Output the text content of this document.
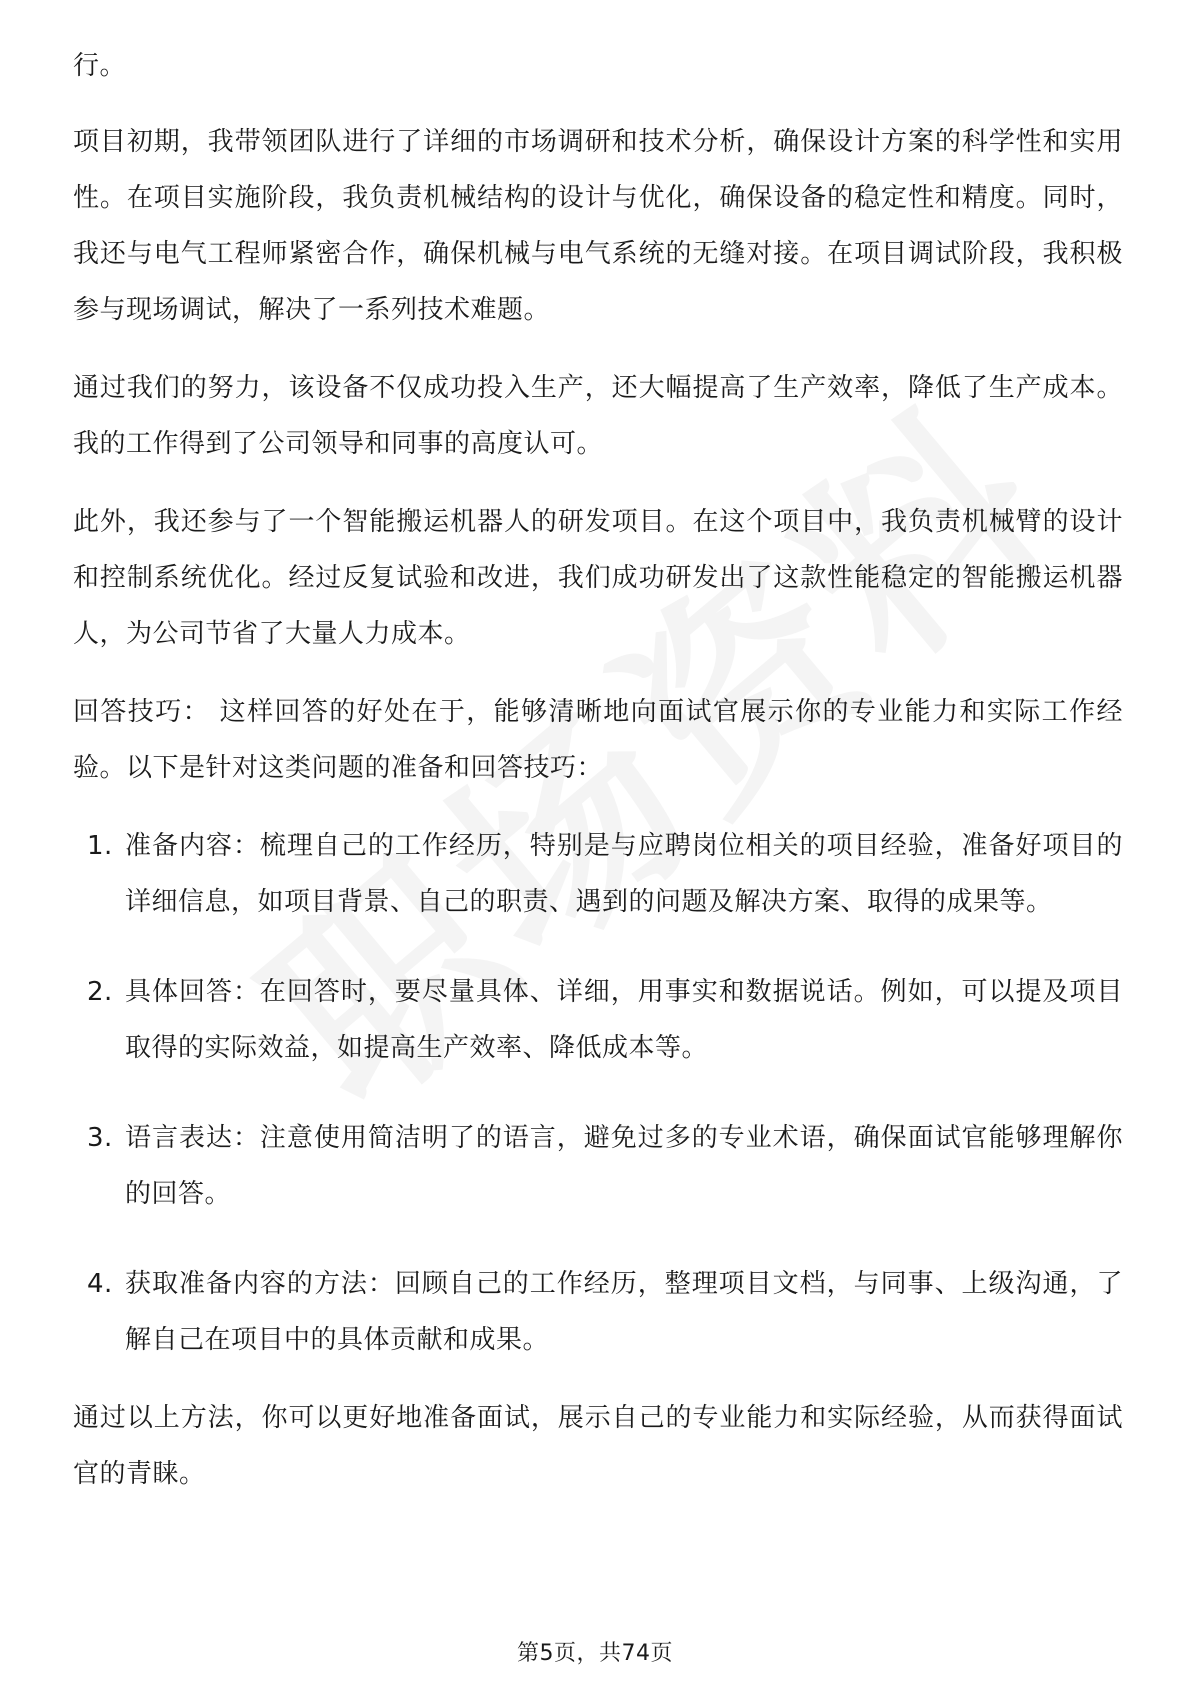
行。

项目初期，我带领团队进行了详细的市场调研和技术分析，确保设计方案的科学性和实用性。在项目实施阶段，我负责机械结构的设计与优化，确保设备的稳定性和精度。同时，我还与电气工程师紧密合作，确保机械与电气系统的无缝对接。在项目调试阶段，我积极参与现场调试，解决了一系列技术难题。

通过我们的努力，该设备不仅成功投入生产，还大幅提高了生产效率，降低了生产成本。我的工作得到了公司领导和同事的高度认可。

此外，我还参与了一个智能搬运机器人的研发项目。在这个项目中，我负责机械臂的设计和控制系统优化。经过反复试验和改进，我们成功研发出了这款性能稳定的智能搬运机器人，为公司节省了大量人力成本。

回答技巧： 这样回答的好处在于，能够清晰地向面试官展示你的专业能力和实际工作经验。以下是针对这类问题的准备和回答技巧：

1. 准备内容：梳理自己的工作经历，特别是与应聘岗位相关的项目经验，准备好项目的详细信息，如项目背景、自己的职责、遇到的问题及解决方案、取得的成果等。
2. 具体回答：在回答时，要尽量具体、详细，用事实和数据说话。例如，可以提及项目取得的实际效益，如提高生产效率、降低成本等。
3. 语言表达：注意使用简洁明了的语言，避免过多的专业术语，确保面试官能够理解你的回答。
4. 获取准备内容的方法：回顾自己的工作经历，整理项目文档，与同事、上级沟通，了解自己在项目中的具体贡献和成果。

通过以上方法，你可以更好地准备面试，展示自己的专业能力和实际经验，从而获得面试官的青睐。

第5页，共74页
